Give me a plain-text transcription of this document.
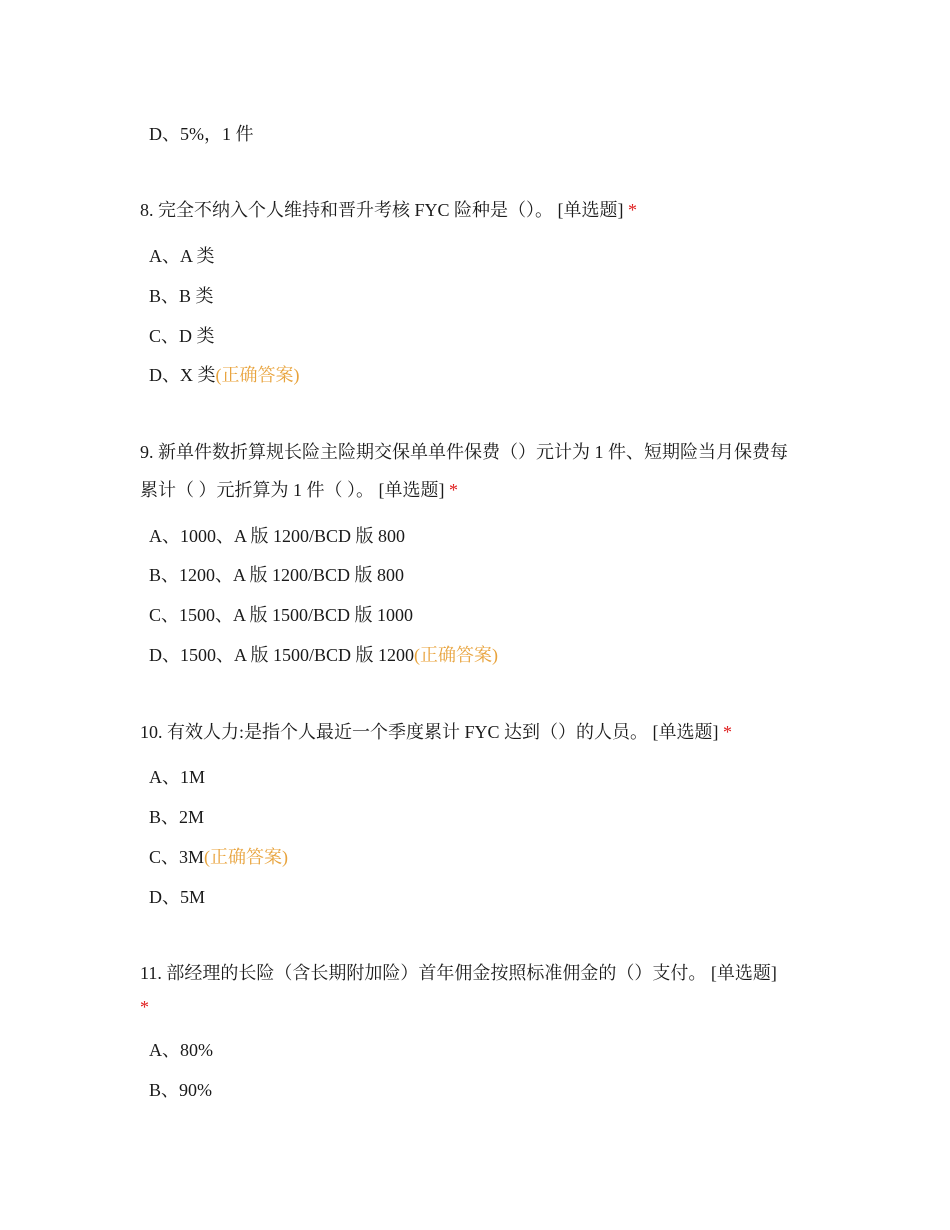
D、5%，1 件
8. 完全不纳入个人维持和晋升考核 FYC 险种是（）。 [单选题] *
A、A 类
B、B 类
C、D 类
D、X 类(正确答案)
9. 新单件数折算规长险主险期交保单单件保费（）元计为 1 件、短期险当月保费每
累计（ ）元折算为 1 件（ ）。 [单选题] *
A、1000、A 版 1200/BCD 版 800
B、1200、A 版 1200/BCD 版 800
C、1500、A 版 1500/BCD 版 1000
D、1500、A 版 1500/BCD 版 1200(正确答案)
10. 有效人力:是指个人最近一个季度累计 FYC 达到（）的人员。 [单选题] *
A、1M
B、2M
C、3M(正确答案)
D、5M
11. 部经理的长险（含长期附加险）首年佣金按照标准佣金的（）支付。 [单选题]
*
A、80%
B、90%
